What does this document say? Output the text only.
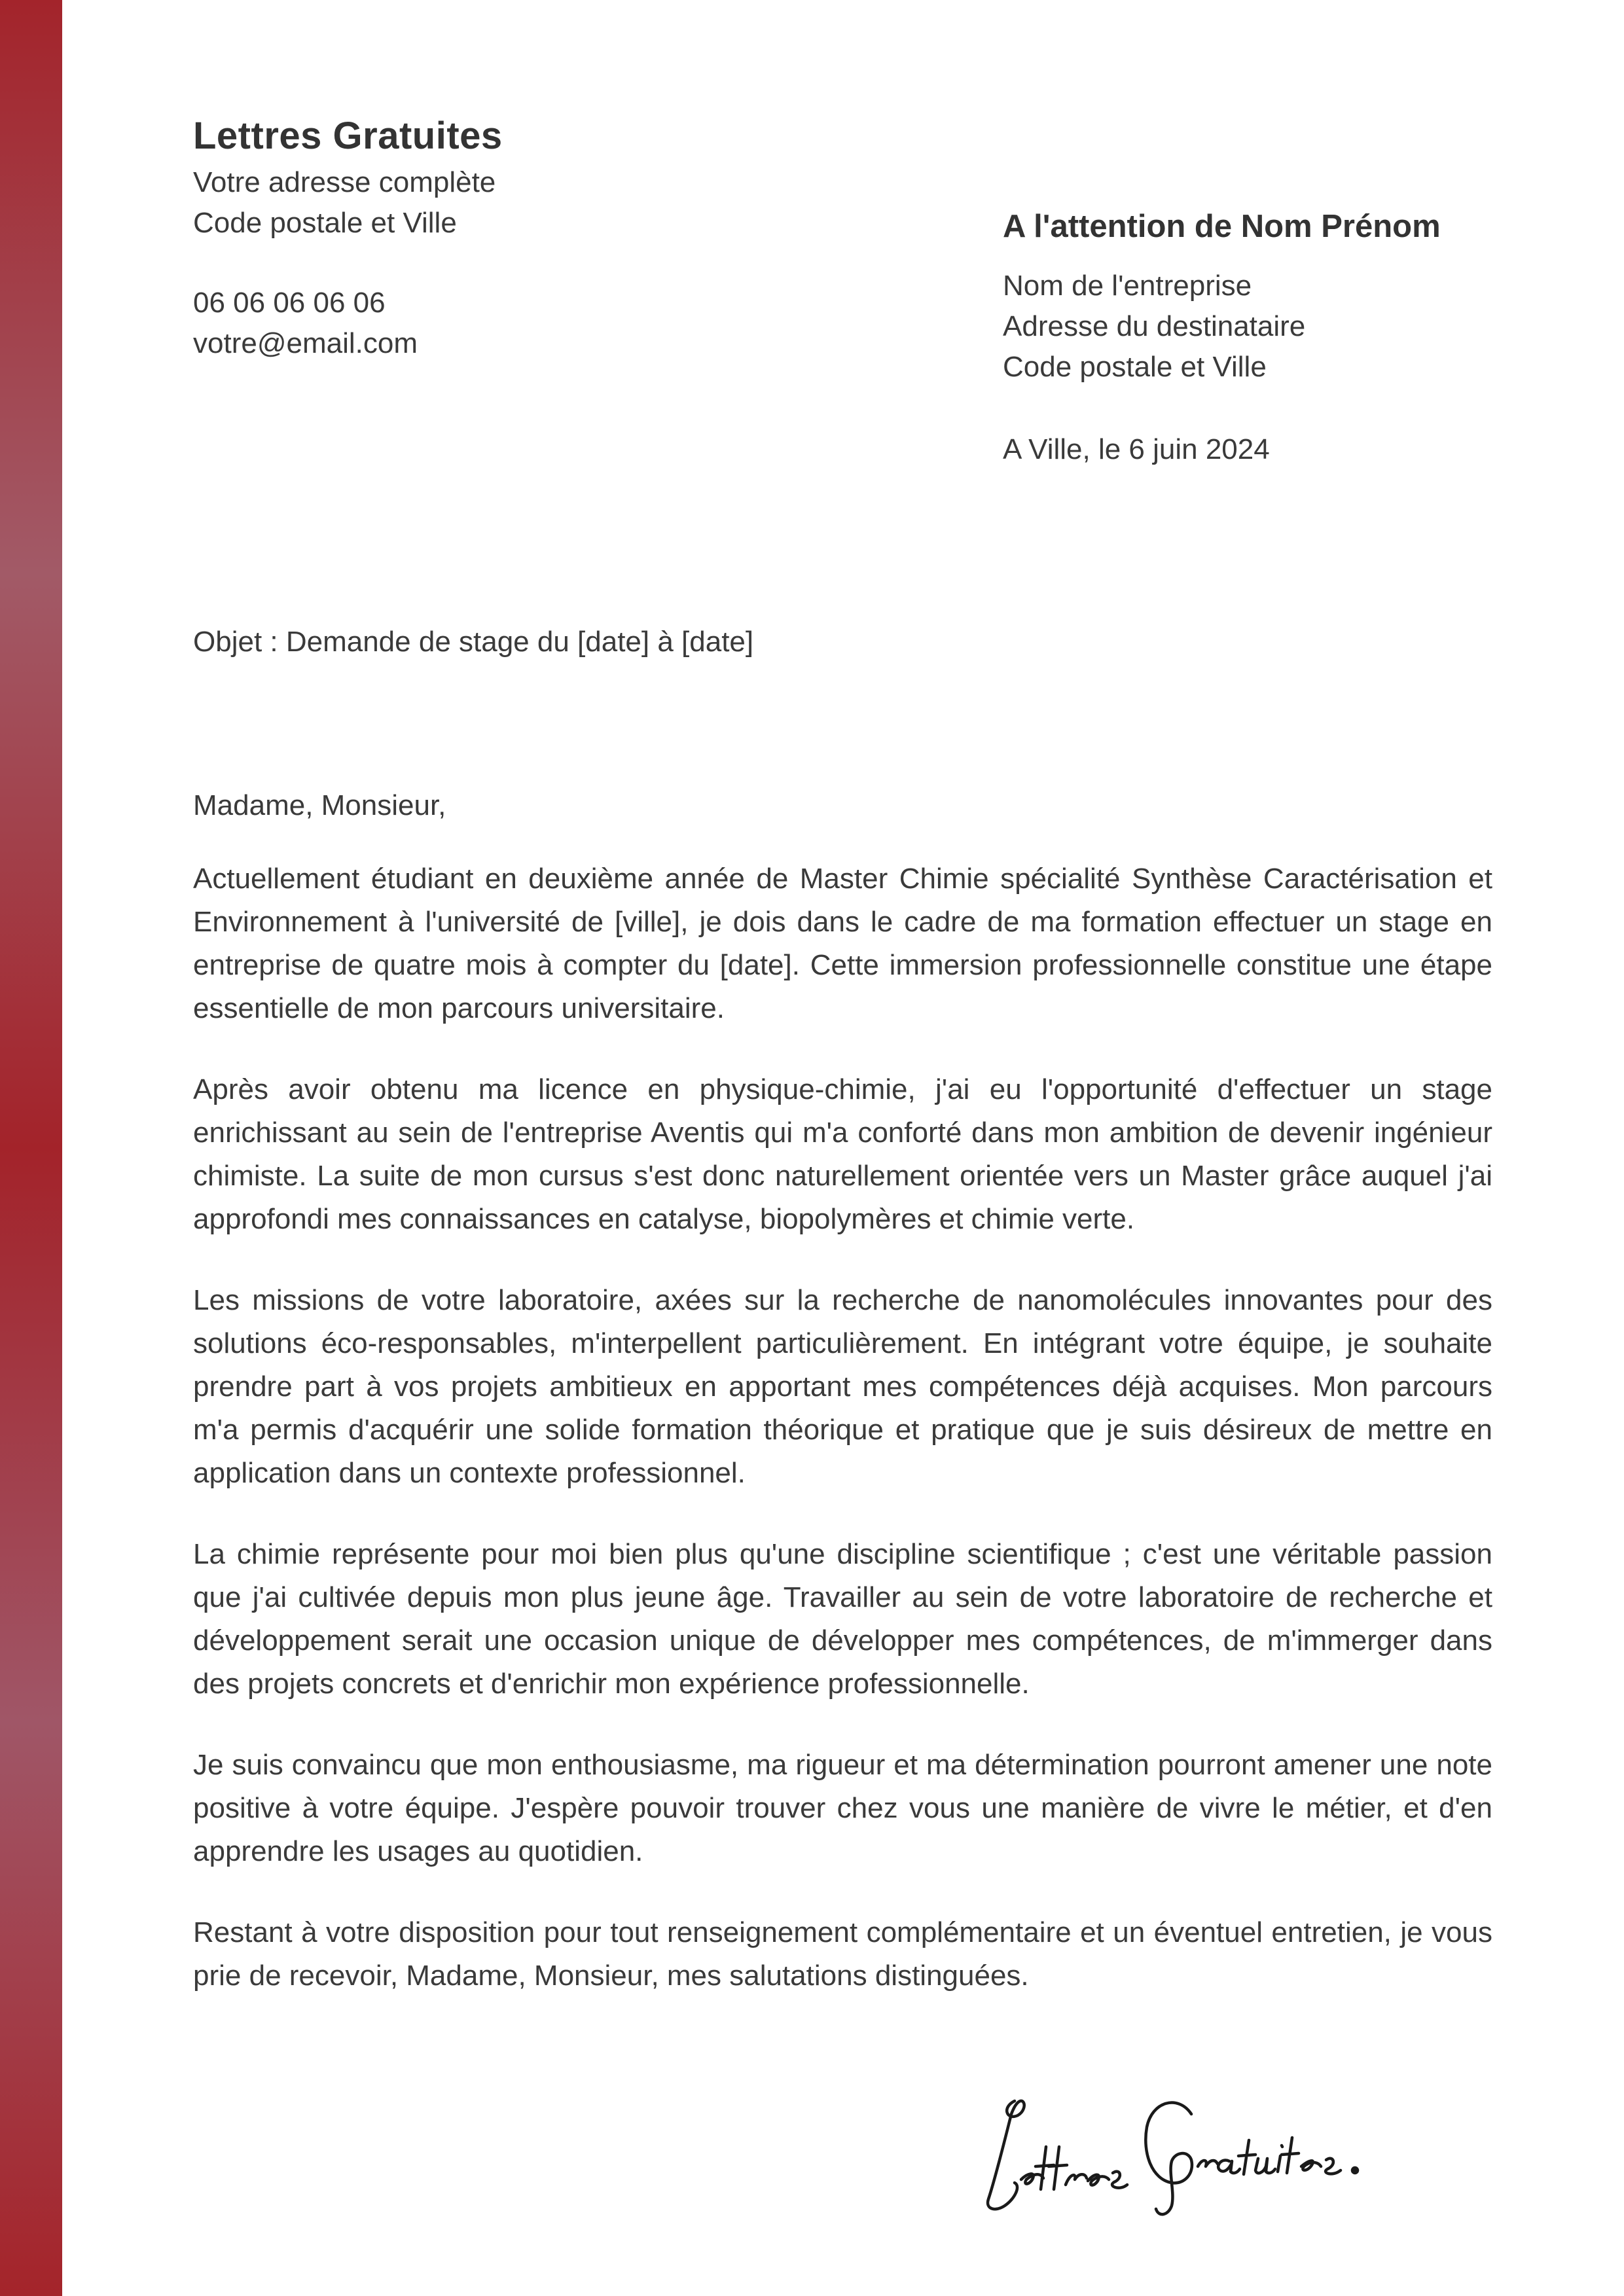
Lettres Gratuites
Votre adresse complète
Code postale et Ville
06 06 06 06 06
votre@email.com
A l'attention de Nom Prénom
Nom de l'entreprise
Adresse du destinataire
Code postale et Ville
A Ville, le 6 juin 2024
Objet : Demande de stage du [date] à [date]

Madame, Monsieur,

Actuellement étudiant en deuxième année de Master Chimie spécialité Synthèse Caractérisation et Environnement à l'université de [ville], je dois dans le cadre de ma formation effectuer un stage en entreprise de quatre mois à compter du [date]. Cette immersion professionnelle constitue une étape essentielle de mon parcours universitaire.

Après avoir obtenu ma licence en physique-chimie, j'ai eu l'opportunité d'effectuer un stage enrichissant au sein de l'entreprise Aventis qui m'a conforté dans mon ambition de devenir ingénieur chimiste. La suite de mon cursus s'est donc naturellement orientée vers un Master grâce auquel j'ai approfondi mes connaissances en catalyse, biopolymères et chimie verte.

Les missions de votre laboratoire, axées sur la recherche de nanomolécules innovantes pour des solutions éco-responsables, m'interpellent particulièrement. En intégrant votre équipe, je souhaite prendre part à vos projets ambitieux en apportant mes compétences déjà acquises. Mon parcours m'a permis d'acquérir une solide formation théorique et pratique que je suis désireux de mettre en application dans un contexte professionnel.

La chimie représente pour moi bien plus qu'une discipline scientifique ; c'est une véritable passion que j'ai cultivée depuis mon plus jeune âge. Travailler au sein de votre laboratoire de recherche et développement serait une occasion unique de développer mes compétences, de m'immerger dans des projets concrets et d'enrichir mon expérience professionnelle.

Je suis convaincu que mon enthousiasme, ma rigueur et ma détermination pourront amener une note positive à votre équipe. J'espère pouvoir trouver chez vous une manière de vivre le métier, et d'en apprendre les usages au quotidien.

Restant à votre disposition pour tout renseignement complémentaire et un éventuel entretien, je vous prie de recevoir, Madame, Monsieur, mes salutations distinguées.
